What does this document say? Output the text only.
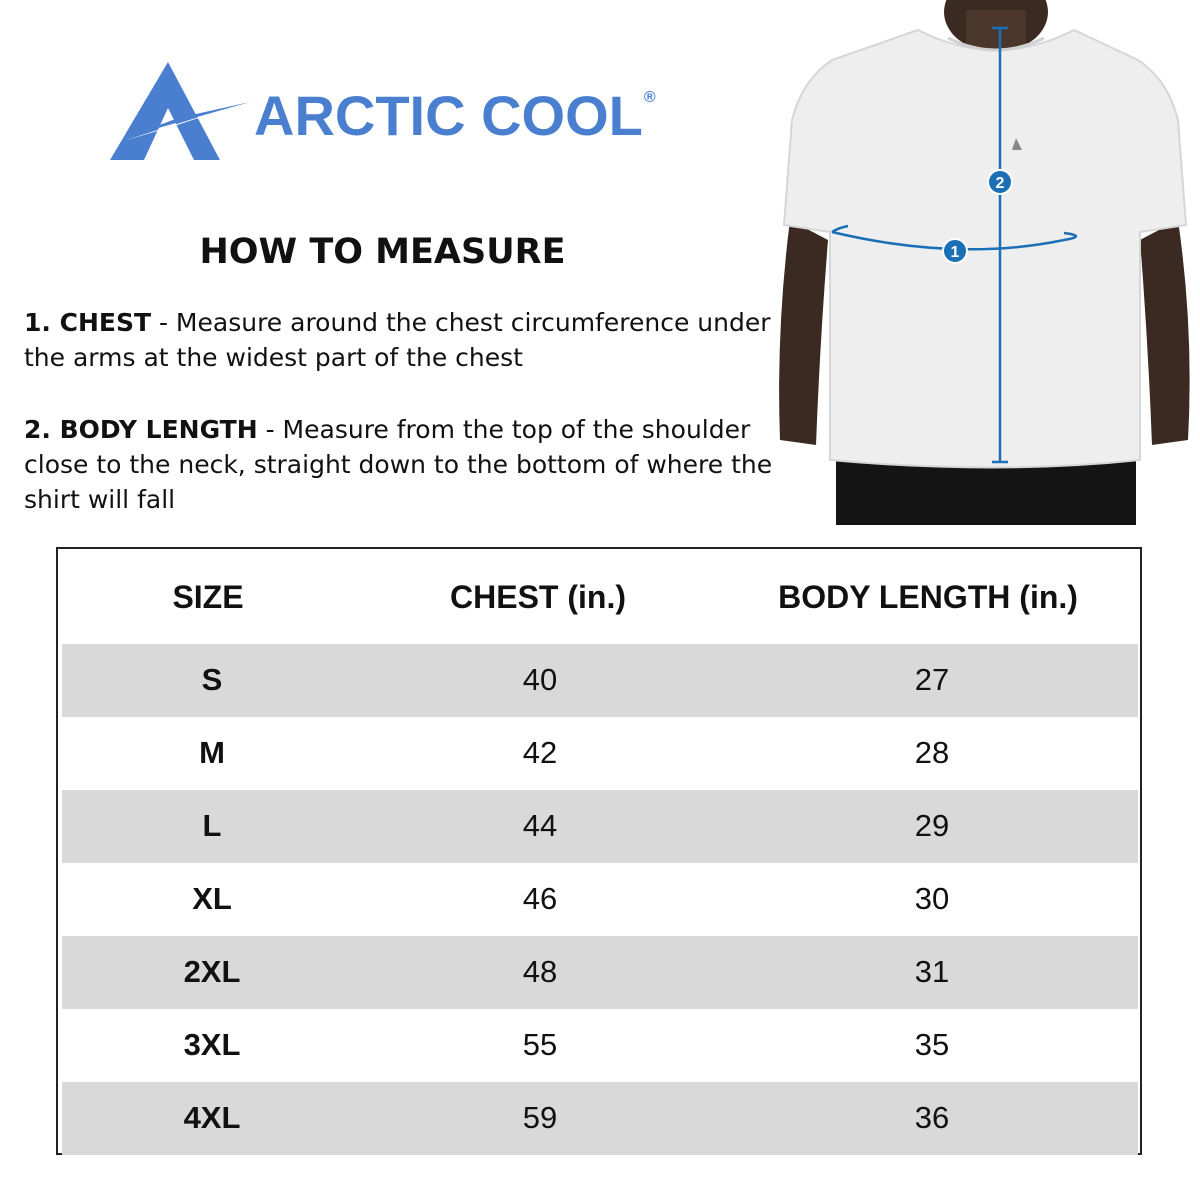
ARCTIC COOL®
HOW TO MEASURE
1. CHEST - Measure around the chest circumference under the arms at the widest part of the chest
2. BODY LENGTH - Measure from the top of the shoulder close to the neck, straight down to the bottom of where the shirt will fall
2
1
SIZE	CHEST (in.)	BODY LENGTH (in.)
S	40	27
M	42	28
L	44	29
XL	46	30
2XL	48	31
3XL	55	35
4XL	59	36
